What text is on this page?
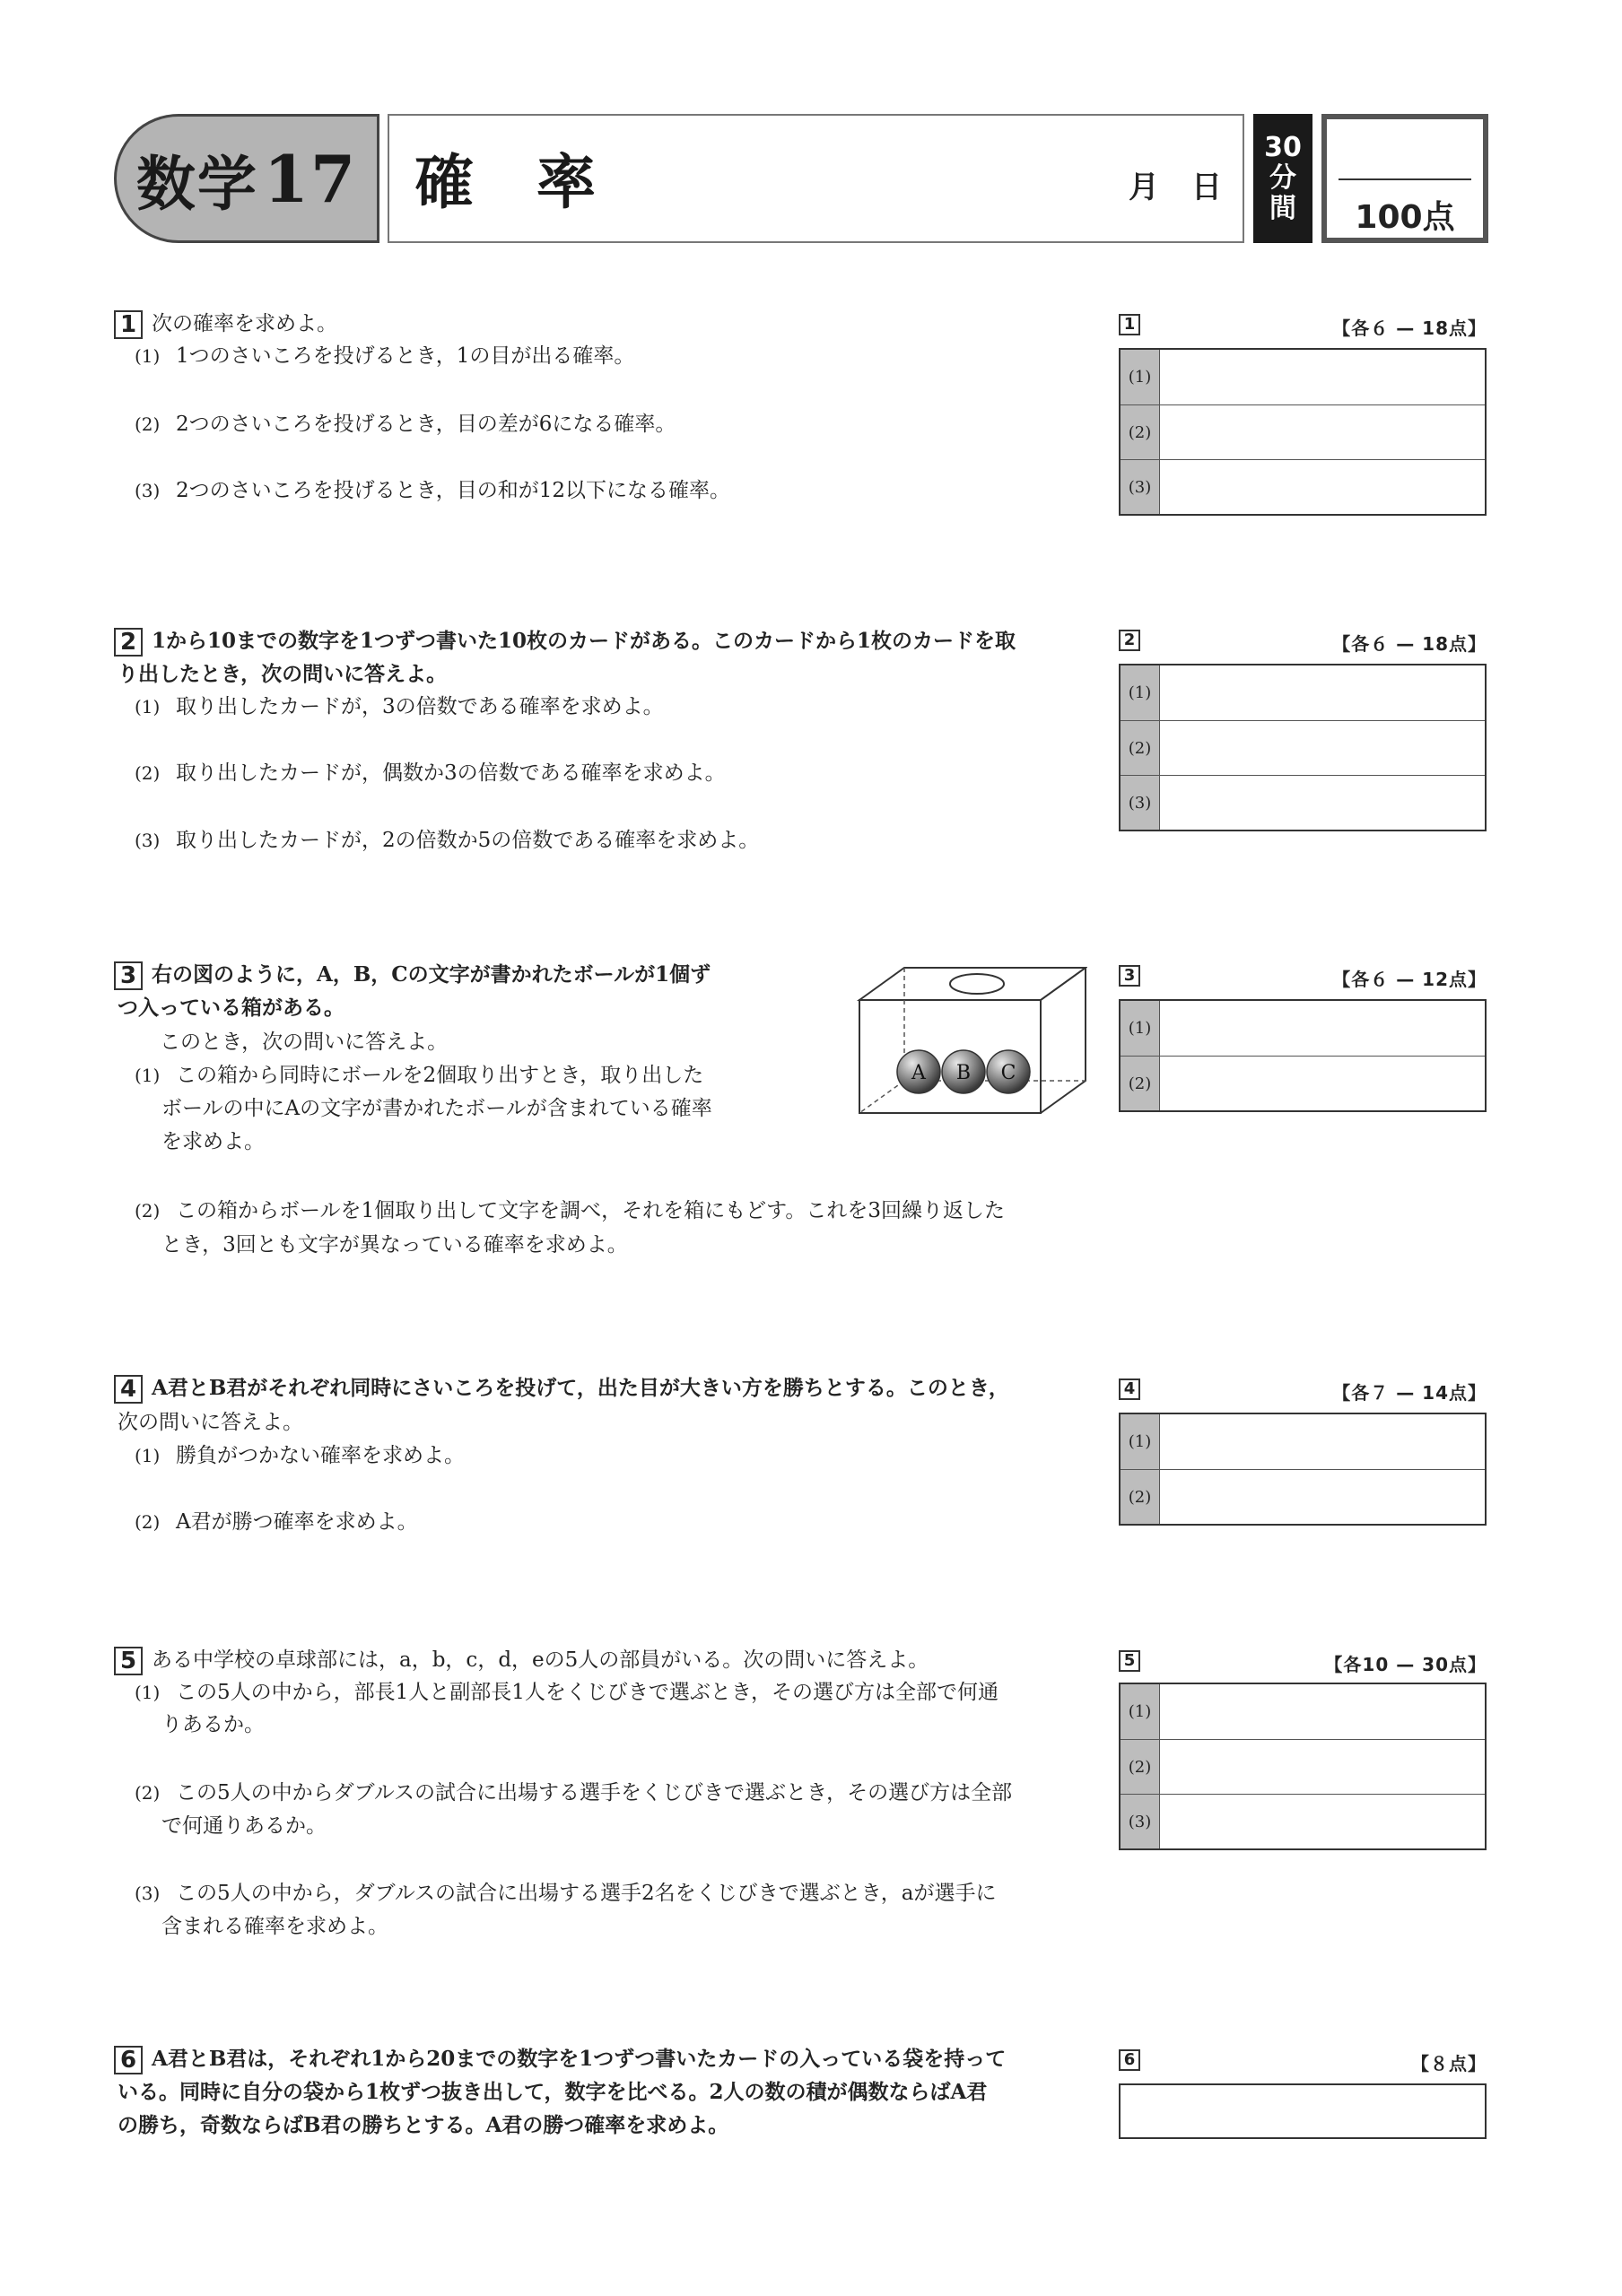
数学 17 確率	月 日
30
分
間	100点
1 次の確率を求めよ。
(1) 1つのさいころを投げるとき，1の目が出る確率。
(2) 2つのさいころを投げるとき，目の差が6になる確率。
(3) 2つのさいころを投げるとき，目の和が12以下になる確率。
1	【各６ — 18点】
(1)
(2)
(3)
2 1から10までの数字を1つずつ書いた10枚のカードがある。このカードから1枚のカードを取
り出したとき，次の問いに答えよ。
(1) 取り出したカードが，3の倍数である確率を求めよ。
(2) 取り出したカードが，偶数か3の倍数である確率を求めよ。
(3) 取り出したカードが，2の倍数か5の倍数である確率を求めよ。
2	【各６ — 18点】
(1)
(2)
(3)
3 右の図のように，A，B，Cの文字が書かれたボールが1個ず
つ入っている箱がある。
このとき，次の問いに答えよ。
(1) この箱から同時にボールを2個取り出すとき，取り出した
ボールの中にAの文字が書かれたボールが含まれている確率
を求めよ。
(2) この箱からボールを1個取り出して文字を調べ，それを箱にもどす。これを3回繰り返した
とき，3回とも文字が異なっている確率を求めよ。
A B C
3	【各６ — 12点】
(1)
(2)
4 A君とB君がそれぞれ同時にさいころを投げて，出た目が大きい方を勝ちとする。このとき，
次の問いに答えよ。
(1) 勝負がつかない確率を求めよ。
(2) A君が勝つ確率を求めよ。
4	【各７ — 14点】
(1)
(2)
5 ある中学校の卓球部には，a，b，c，d，eの5人の部員がいる。次の問いに答えよ。
(1) この5人の中から，部長1人と副部長1人をくじびきで選ぶとき，その選び方は全部で何通
りあるか。
(2) この5人の中からダブルスの試合に出場する選手をくじびきで選ぶとき，その選び方は全部
で何通りあるか。
(3) この5人の中から，ダブルスの試合に出場する選手2名をくじびきで選ぶとき，aが選手に
含まれる確率を求めよ。
5	【各10 — 30点】
(1)
(2)
(3)
6 A君とB君は，それぞれ1から20までの数字を1つずつ書いたカードの入っている袋を持って
いる。同時に自分の袋から1枚ずつ抜き出して，数字を比べる。2人の数の積が偶数ならばA君
の勝ち，奇数ならばB君の勝ちとする。A君の勝つ確率を求めよ。
6	【８点】
